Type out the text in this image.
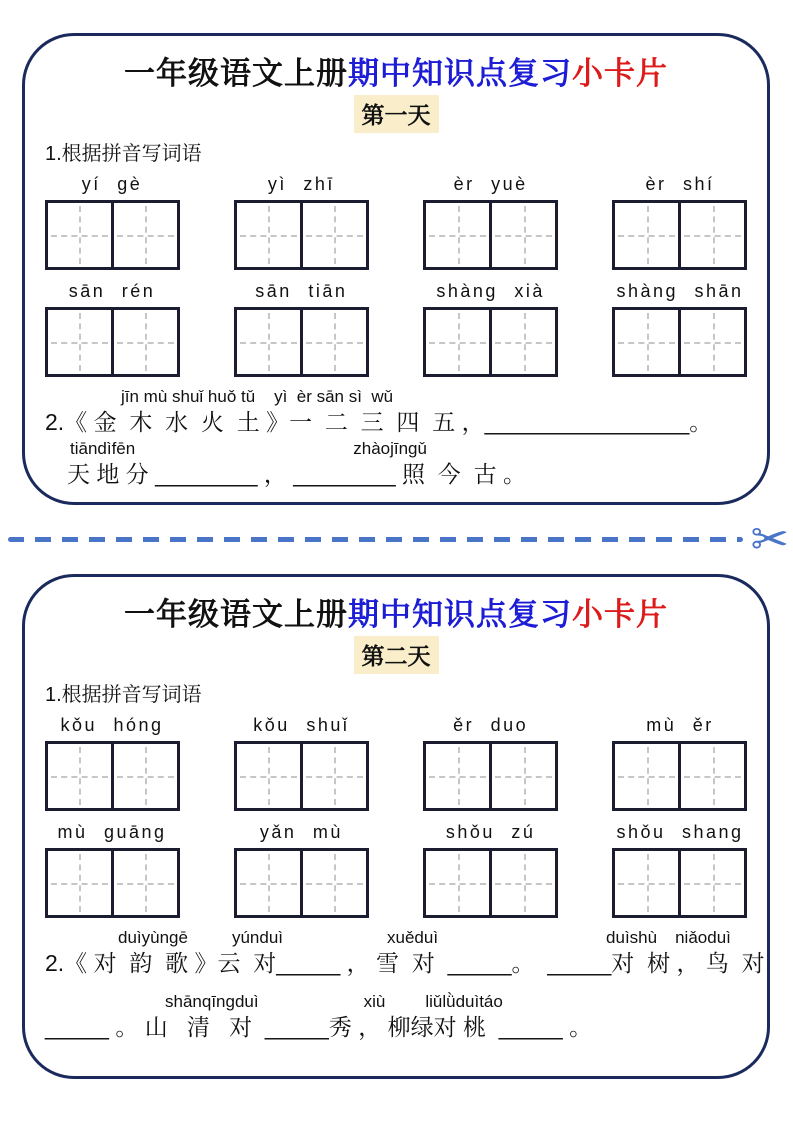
一年级语文上册期中知识点复习小卡片
第一天
1.根据拼音写词语
yí gè	yì zhī	èr yuè	èr shí
sān rén	sān tiān	shàng xià	shàng shān
jīn mù shuǐ huǒ tǔ    yì  èr sān sì  wǔ
2.《 金  木  水  火  土 》一  二  三  四  五 ，________________。
tiāndìfēn	zhàojīngǔ
天 地 分 ________ ， ________ 照  今  古 。
✂
一年级语文上册期中知识点复习小卡片
第二天
1.根据拼音写词语
kǒu hóng	kǒu shuǐ	ěr duo	mù ěr
mù guāng	yǎn mù	shǒu zú	shǒu shang
duìyùngē	yúnduì	xuěduì	duìshù niǎoduì
2.《 对  韵  歌 》云  对_____ ， 雪  对  _____。  _____对  树 ， 鸟  对
shānqīngduì	xiù liǔlǜduìtáo
_____ 。 山   清   对  _____秀 ， 柳绿对 桃  _____ 。
